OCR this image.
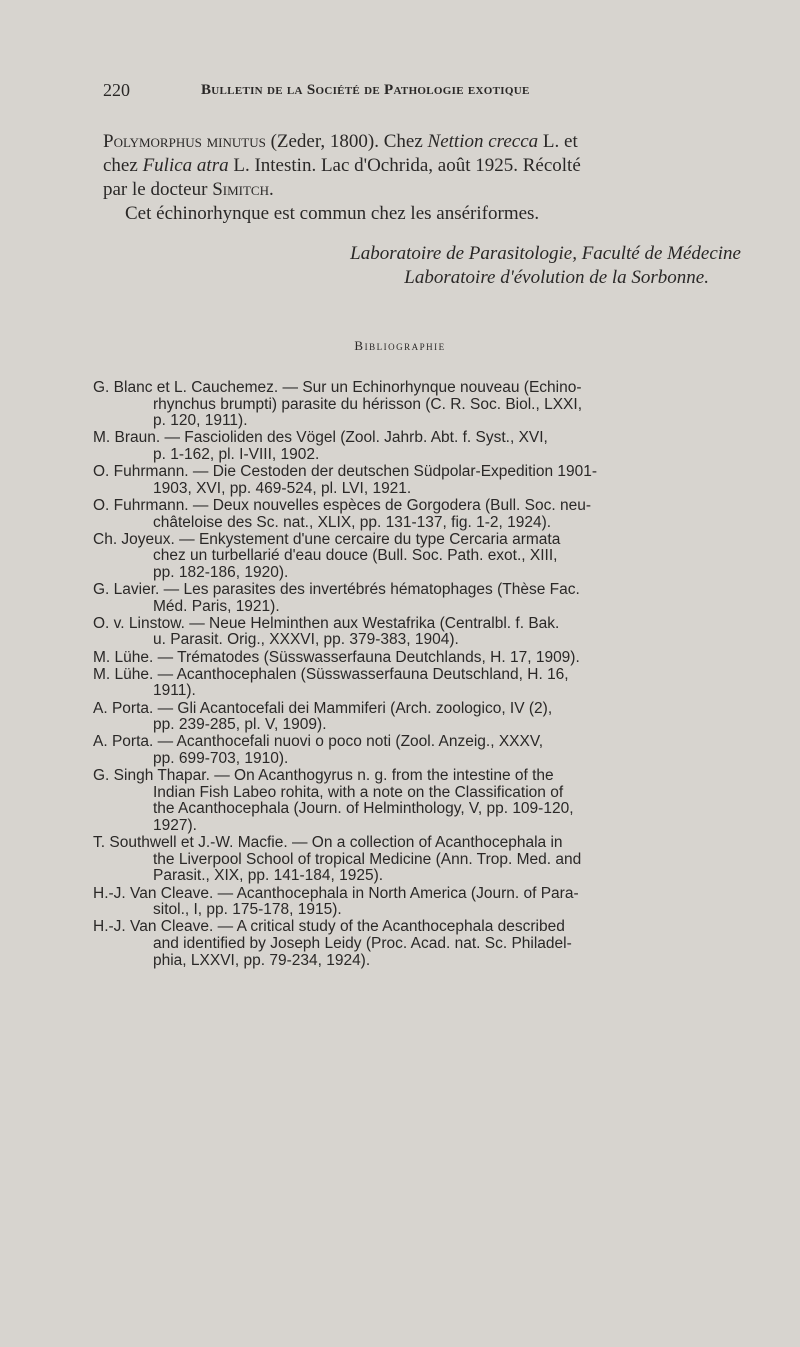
220	Bulletin de la Société de Pathologie exotique

Polymorphus minutus (Zeder, 1800). Chez Nettion crecca L. et

chez Fulica atra L. Intestin. Lac d'Ochrida, août 1925. Récolté

par le docteur Simitch.

Cet échinorhynque est commun chez les ansériformes.

Laboratoire de Parasitologie, Faculté de Médecine
Laboratoire d'évolution de la Sorbonne.
Bibliographie
G. Blanc et L. Cauchemez. — Sur un Echinorhynque nouveau (Echino-
rhynchus brumpti) parasite du hérisson (C. R. Soc. Biol., LXXI,
p. 120, 1911).
M. Braun. — Fascioliden des Vögel (Zool. Jahrb. Abt. f. Syst., XVI,
p. 1-162, pl. I-VIII, 1902.
O. Fuhrmann. — Die Cestoden der deutschen Südpolar-Expedition 1901-
1903, XVI, pp. 469-524, pl. LVI, 1921.
O. Fuhrmann. — Deux nouvelles espèces de Gorgodera (Bull. Soc. neu-
châteloise des Sc. nat., XLIX, pp. 131-137, fig. 1-2, 1924).
Ch. Joyeux. — Enkystement d'une cercaire du type Cercaria armata
chez un turbellarié d'eau douce (Bull. Soc. Path. exot., XIII,
pp. 182-186, 1920).
G. Lavier. — Les parasites des invertébrés hématophages (Thèse Fac.
Méd. Paris, 1921).
O. v. Linstow. — Neue Helminthen aux Westafrika (Centralbl. f. Bak.
u. Parasit. Orig., XXXVI, pp. 379-383, 1904).
M. Lühe. — Trématodes (Süsswasserfauna Deutchlands, H. 17, 1909).
M. Lühe. — Acanthocephalen (Süsswasserfauna Deutschland, H. 16,
1911).
A. Porta. — Gli Acantocefali dei Mammiferi (Arch. zoologico, IV (2),
pp. 239-285, pl. V, 1909).
A. Porta. — Acanthocefali nuovi o poco noti (Zool. Anzeig., XXXV,
pp. 699-703, 1910).
G. Singh Thapar. — On Acanthogyrus n. g. from the intestine of the
Indian Fish Labeo rohita, with a note on the Classification of
the Acanthocephala (Journ. of Helminthology, V, pp. 109-120,
1927).
T. Southwell et J.-W. Macfie. — On a collection of Acanthocephala in
the Liverpool School of tropical Medicine (Ann. Trop. Med. and
Parasit., XIX, pp. 141-184, 1925).
H.-J. Van Cleave. — Acanthocephala in North America (Journ. of Para-
sitol., I, pp. 175-178, 1915).
H.-J. Van Cleave. — A critical study of the Acanthocephala described
and identified by Joseph Leidy (Proc. Acad. nat. Sc. Philadel-
phia, LXXVI, pp. 79-234, 1924).
